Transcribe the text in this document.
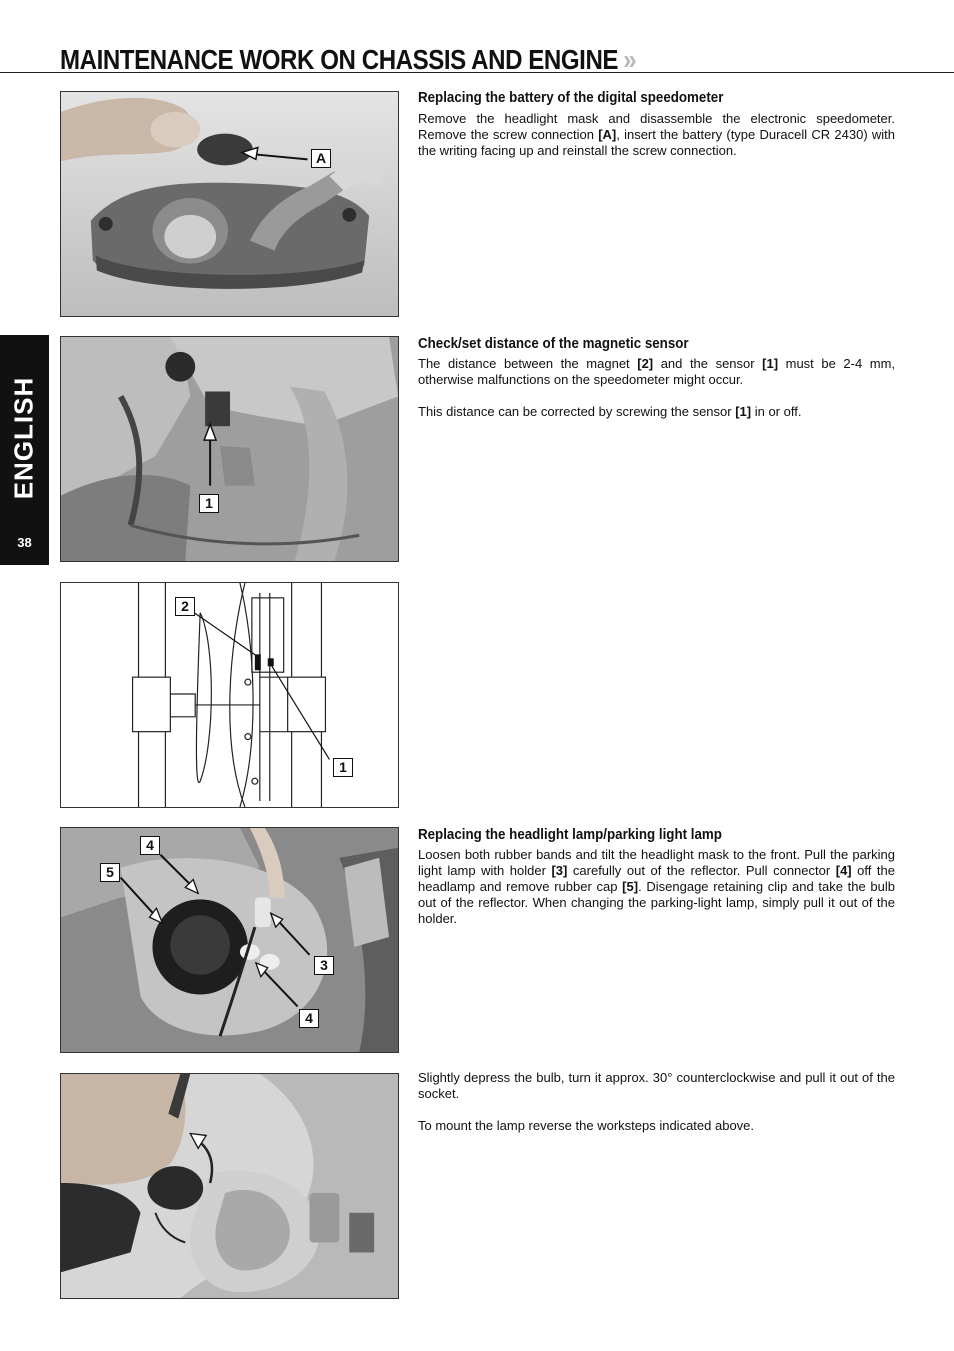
MAINTENANCE WORK ON CHASSIS AND ENGINE »
ENGLISH
38
A
1
2
1
4
5
3
4
Replacing the battery of the digital speedometer

Remove the headlight mask and disassemble the electronic speedometer. Remove the screw connection [A], insert the battery (type Duracell CR 2430) with the writing facing up and reinstall the screw connection.

Check/set distance of the magnetic sensor

The distance between the magnet [2] and the sensor [1] must be 2-4 mm, otherwise malfunctions on the speedometer might occur.

This distance can be corrected by screwing the sensor [1] in or off.

Replacing the headlight lamp/parking light lamp

Loosen both rubber bands and tilt the headlight mask to the front. Pull the parking light lamp with holder [3] carefully out of the reflector. Pull connector [4] off the headlamp and remove rubber cap [5]. Disengage retaining clip and take the bulb out of the reflector. When changing the parking-light lamp, simply pull it out of the holder.

Slightly depress the bulb, turn it approx. 30° counterclockwise and pull it out of the socket.

To mount the lamp reverse the worksteps indicated above.
